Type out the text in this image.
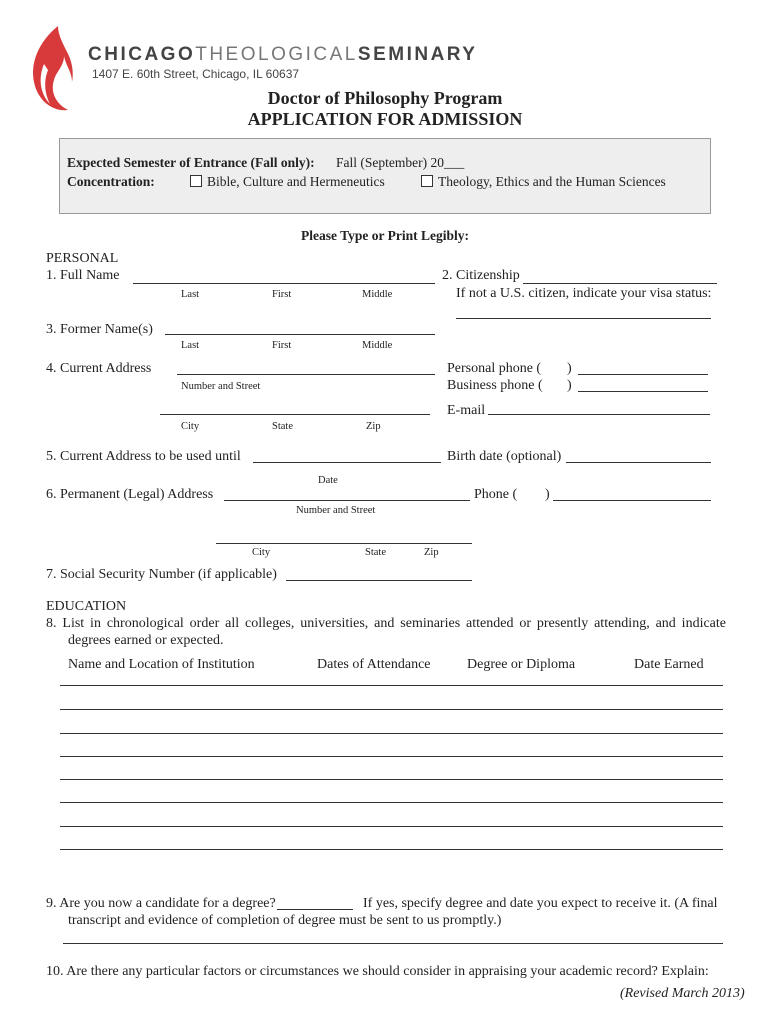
CHICAGOTHEOLOGICALSEMINARY
1407 E. 60th Street, Chicago, IL 60637
Doctor of Philosophy Program
APPLICATION FOR ADMISSION
Expected Semester of Entrance (Fall only): Fall (September) 20___
Concentration:	Bible, Culture and Hermeneutics	Theology, Ethics and the Human Sciences
Please Type or Print Legibly:
PERSONAL
1. Full Name
Last	First	Middle
2. Citizenship
If not a U.S. citizen, indicate your visa status:
3. Former Name(s)
Last	First	Middle
4. Current Address
Number and Street
Personal phone ( )
Business phone ( )
City	State	Zip
E-mail
5. Current Address to be used until
Date
Birth date (optional)
6. Permanent (Legal) Address
Number and Street
Phone ( )
City	State	Zip
7. Social Security Number (if applicable)
EDUCATION
8. List in chronological order all colleges, universities, and seminaries attended or presently attending, and indicate
degrees earned or expected.
Name and Location of Institution	Dates of Attendance	Degree or Diploma	Date Earned
9. Are you now a candidate for a degree?	If yes, specify degree and date you expect to receive it. (A final
transcript and evidence of completion of degree must be sent to us promptly.)
10. Are there any particular factors or circumstances we should consider in appraising your academic record? Explain:
(Revised March 2013)
